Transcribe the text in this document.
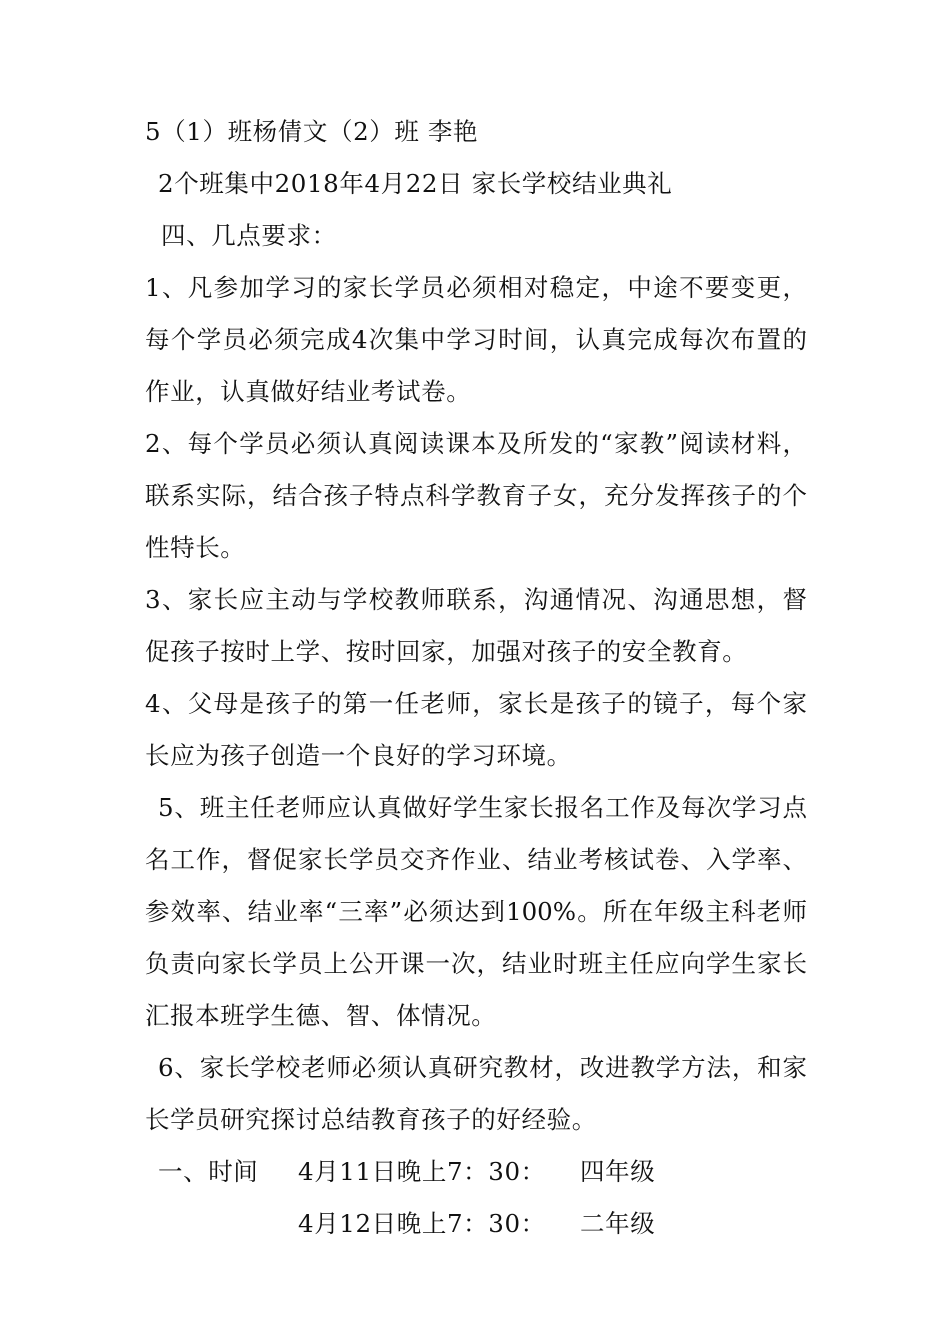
5（1）班杨倩文（2）班 李艳
2个班集中2018年4月22日 家长学校结业典礼
四、几点要求：
1、凡参加学习的家长学员必须相对稳定，中途不要变更，
每个学员必须完成4次集中学习时间，认真完成每次布置的
作业，认真做好结业考试卷。
2、每个学员必须认真阅读课本及所发的“家教”阅读材料，
联系实际，结合孩子特点科学教育子女，充分发挥孩子的个
性特长。
3、家长应主动与学校教师联系，沟通情况、沟通思想，督
促孩子按时上学、按时回家，加强对孩子的安全教育。
4、父母是孩子的第一任老师，家长是孩子的镜子，每个家
长应为孩子创造一个良好的学习环境。
5、班主任老师应认真做好学生家长报名工作及每次学习点
名工作，督促家长学员交齐作业、结业考核试卷、入学率、
参效率、结业率“三率”必须达到100%。所在年级主科老师
负责向家长学员上公开课一次，结业时班主任应向学生家长
汇报本班学生德、智、体情况。
6、家长学校老师必须认真研究教材，改进教学方法，和家
长学员研究探讨总结教育孩子的好经验。
一、时间 4月11日晚上7：30： 四年级
4月12日晚上7：30： 二年级
